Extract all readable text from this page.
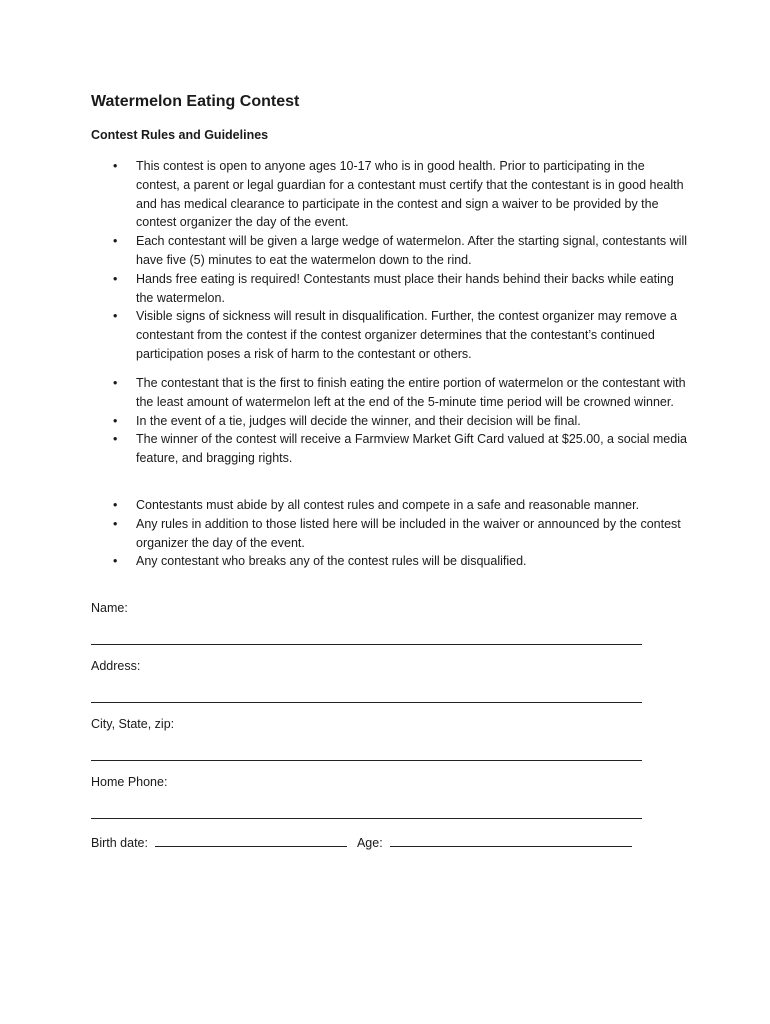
Watermelon Eating Contest
Contest Rules and Guidelines
• This contest is open to anyone ages 10-17 who is in good health. Prior to participating in the contest, a parent or legal guardian for a contestant must certify that the contestant is in good health and has medical clearance to participate in the contest and sign a waiver to be provided by the contest organizer the day of the event.
• Each contestant will be given a large wedge of watermelon. After the starting signal, contestants will have five (5) minutes to eat the watermelon down to the rind.
• Hands free eating is required! Contestants must place their hands behind their backs while eating the watermelon.
• Visible signs of sickness will result in disqualification. Further, the contest organizer may remove a contestant from the contest if the contest organizer determines that the contestant’s continued participation poses a risk of harm to the contestant or others.
• The contestant that is the first to finish eating the entire portion of watermelon or the contestant with the least amount of watermelon left at the end of the 5-minute time period will be crowned winner.
• In the event of a tie, judges will decide the winner, and their decision will be final.
• The winner of the contest will receive a Farmview Market Gift Card valued at $25.00, a social media feature, and bragging rights.
• Contestants must abide by all contest rules and compete in a safe and reasonable manner.
• Any rules in addition to those listed here will be included in the waiver or announced by the contest organizer the day of the event.
• Any contestant who breaks any of the contest rules will be disqualified.

Name:

Address:

City, State, zip:

Home Phone:

Birth date:	Age:
